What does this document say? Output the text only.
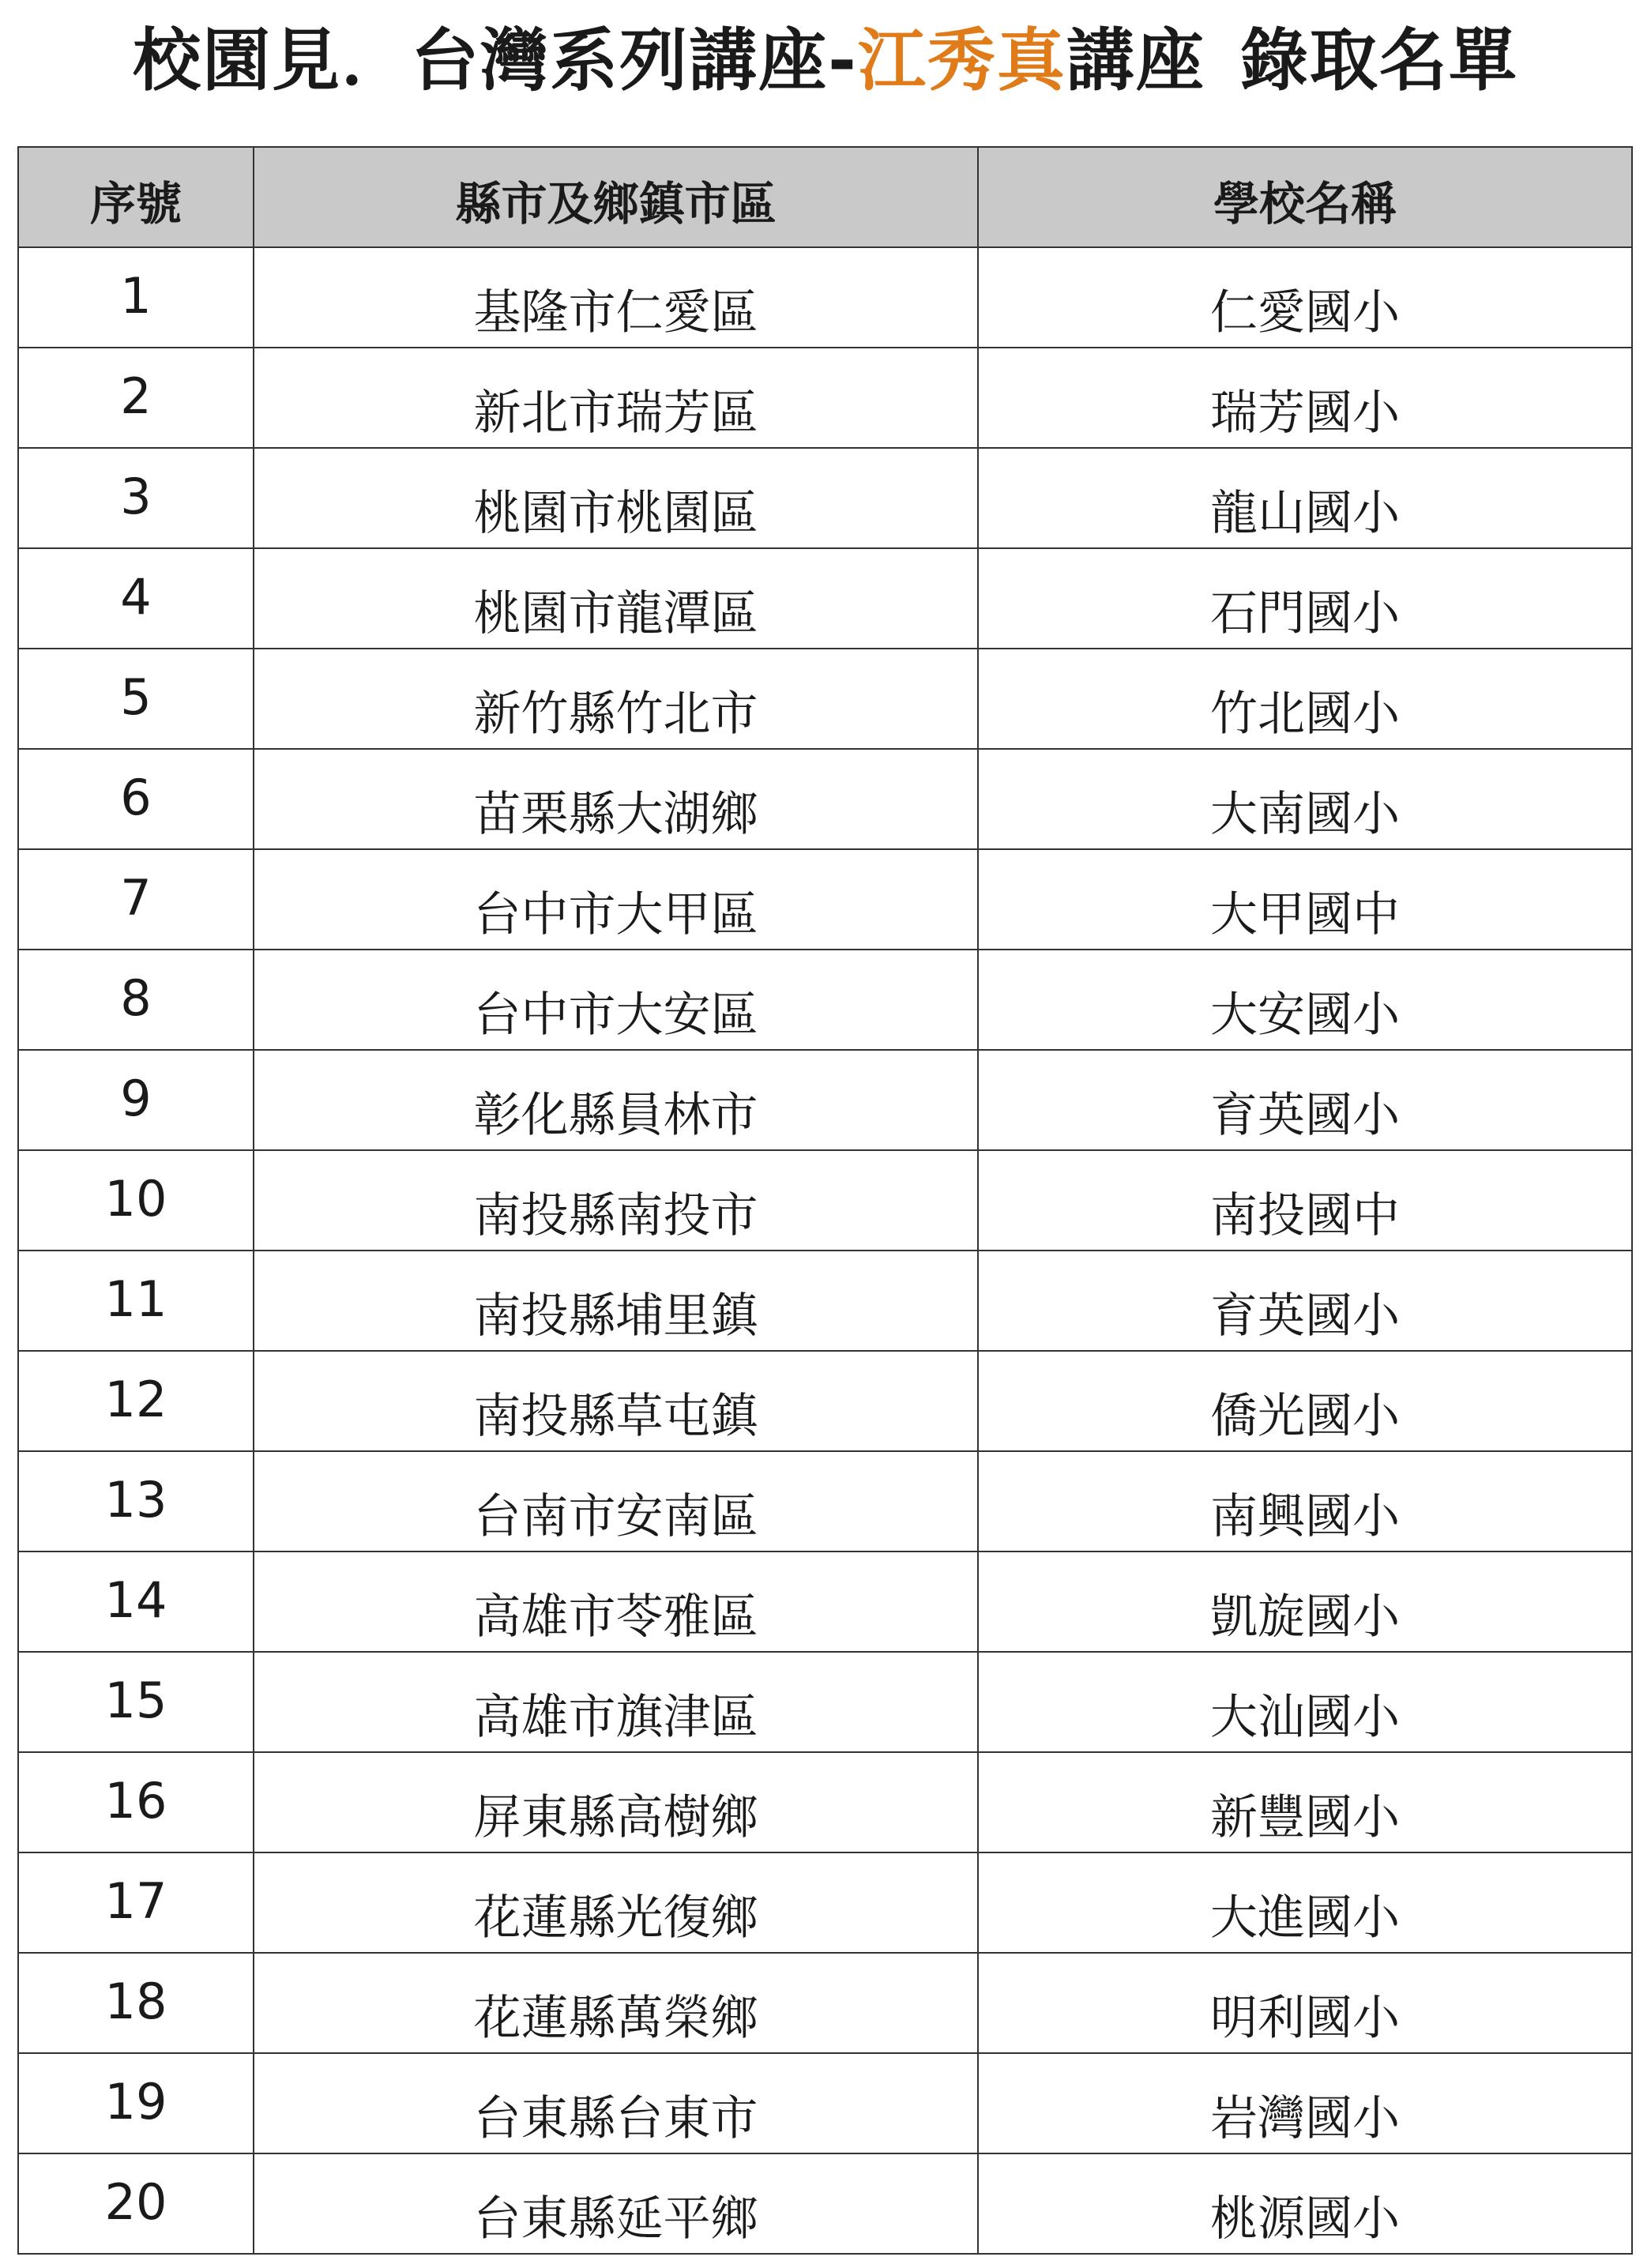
校園見．台灣系列講座-江秀真講座 錄取名單
序號	縣市及鄉鎮市區	學校名稱
1	基隆市仁愛區	仁愛國小
2	新北市瑞芳區	瑞芳國小
3	桃園市桃園區	龍山國小
4	桃園市龍潭區	石門國小
5	新竹縣竹北市	竹北國小
6	苗栗縣大湖鄉	大南國小
7	台中市大甲區	大甲國中
8	台中市大安區	大安國小
9	彰化縣員林市	育英國小
10	南投縣南投市	南投國中
11	南投縣埔里鎮	育英國小
12	南投縣草屯鎮	僑光國小
13	台南市安南區	南興國小
14	高雄市苓雅區	凱旋國小
15	高雄市旗津區	大汕國小
16	屏東縣高樹鄉	新豐國小
17	花蓮縣光復鄉	大進國小
18	花蓮縣萬榮鄉	明利國小
19	台東縣台東市	岩灣國小
20	台東縣延平鄉	桃源國小
